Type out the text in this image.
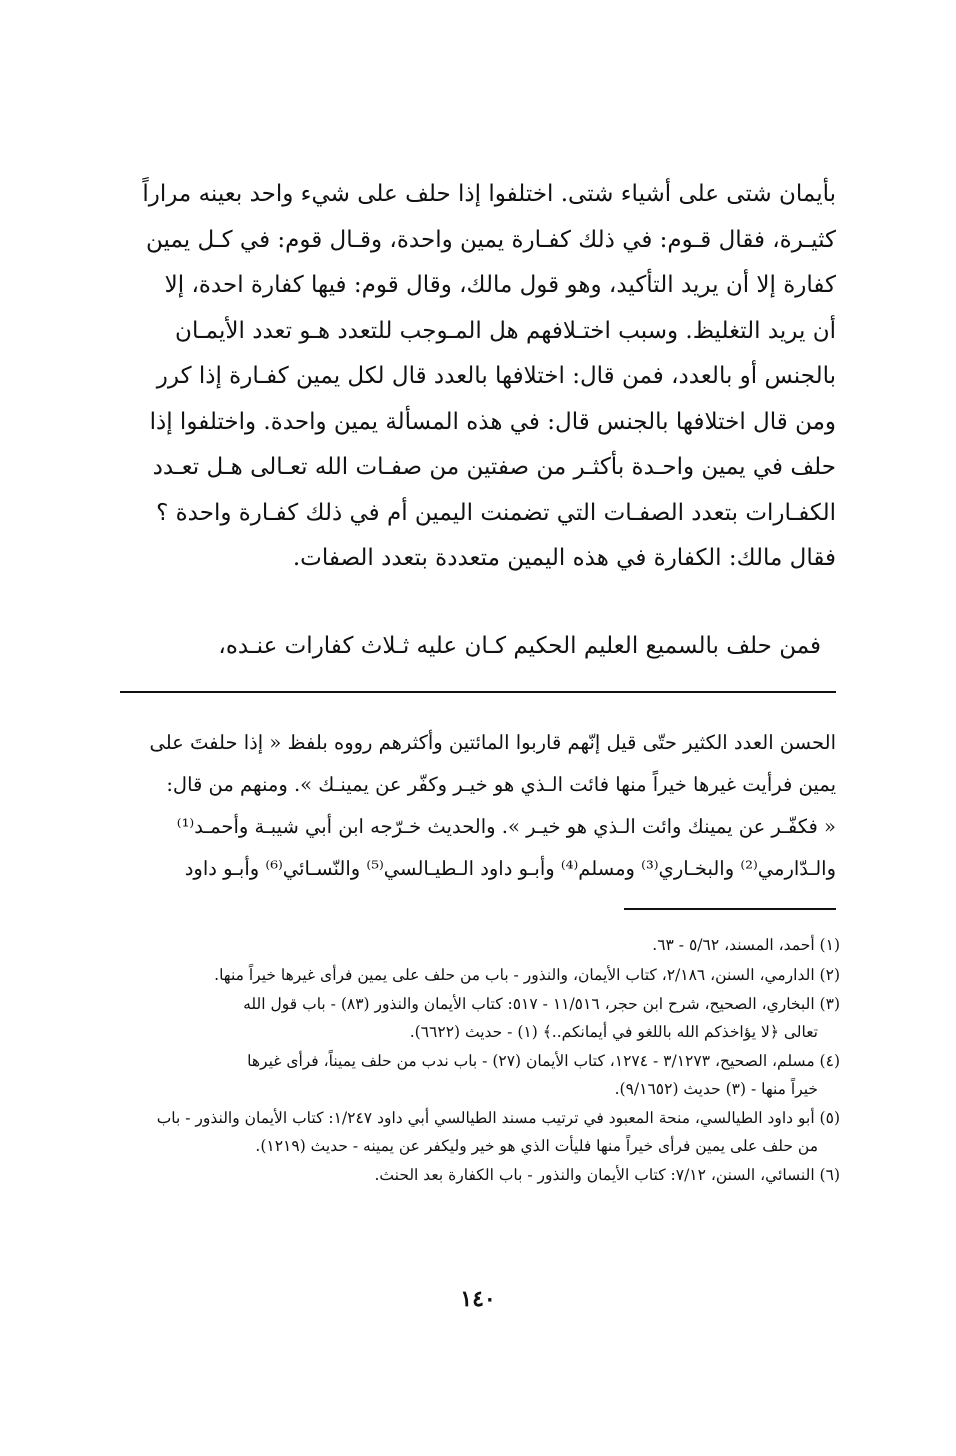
بأيمان شتى على أشياء شتى. اختلفوا إذا حلف على شيء واحد بعينه مراراً
كثيـرة، فقال قـوم: في ذلك كفـارة يمين واحدة، وقـال قوم: في كـل يمين
كفارة إلا أن يريد التأكيد، وهو قول مالك، وقال قوم: فيها كفارة احدة، إلا
أن يريد التغليظ. وسبب اختـلافهم هل المـوجب للتعدد هـو تعدد الأيمـان
بالجنس أو بالعدد، فمن قال: اختلافها بالعدد قال لكل يمين كفـارة إذا كرر
ومن قال اختلافها بالجنس قال: في هذه المسألة يمين واحدة. واختلفوا إذا
حلف في يمين واحـدة بأكثـر من صفتين من صفـات الله تعـالى هـل تعـدد
الكفـارات بتعدد الصفـات التي تضمنت اليمين أم في ذلك كفـارة واحدة ؟
فقال مالك: الكفارة في هذه اليمين متعددة بتعدد الصفات.
فمن حلف بالسميع العليم الحكيم كـان عليه ثـلاث كفارات عنـده،
الحسن العدد الكثير حتّى قيل إنّهم قاربوا المائتين وأكثرهم رووه بلفظ « إذا حلفتَ على
يمين فرأيت غيرها خيراً منها فائت الـذي هو خيـر وكفّر عن يمينـك ». ومنهم من قال:
« فكفّـر عن يمينك وائت الـذي هو خيـر ». والحديث خـرّجه ابن أبي شيبـة وأحمـد⁽¹⁾
والـدّارمي⁽²⁾ والبخـاري⁽³⁾ ومسلم⁽⁴⁾ وأبـو داود الـطيـالسي⁽⁵⁾ والنّسـائي⁽⁶⁾ وأبـو داود
(١) أحمد، المسند، ٥/٦٢ - ٦٣.
(٢) الدارمي، السنن، ٢/١٨٦، كتاب الأيمان، والنذور - باب من حلف على يمين فرأى غيرها خيراً منها.
(٣) البخاري، الصحيح، شرح ابن حجر، ١١/٥١٦ - ٥١٧: كتاب الأيمان والنذور (٨٣) - باب قول الله
تعالى ﴿لا يؤاخذكم الله باللغو في أيمانكم..﴾ (١) - حديث (٦٦٢٢).
(٤) مسلم، الصحيح، ٣/١٢٧٣ - ١٢٧٤، كتاب الأيمان (٢٧) - باب ندب من حلف يميناً، فرأى غيرها
خيراً منها - (٣) حديث (٩/١٦٥٢).
(٥) أبو داود الطيالسي، منحة المعبود في ترتيب مسند الطيالسي أبي داود ١/٢٤٧: كتاب الأيمان والنذور - باب
من حلف على يمين فرأى خيراً منها فليأت الذي هو خير وليكفر عن يمينه - حديث (١٢١٩).
(٦) النسائي، السنن، ٧/١٢: كتاب الأيمان والنذور - باب الكفارة بعد الحنث.
١٤٠
